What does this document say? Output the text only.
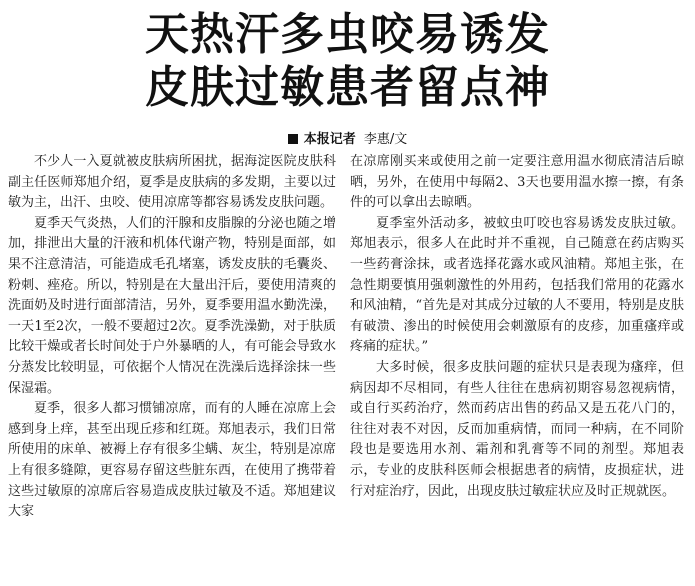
天热汗多虫咬易诱发
皮肤过敏患者留点神
本报记者 李惠/文

不少人一入夏就被皮肤病所困扰，据海淀医院皮肤科副主任医师郑旭介绍，夏季是皮肤病的多发期，主要以过敏为主，出汗、虫咬、使用凉席等都容易诱发皮肤问题。

夏季天气炎热，人们的汗腺和皮脂腺的分泌也随之增加，排泄出大量的汗液和机体代谢产物，特别是面部，如果不注意清洁，可能造成毛孔堵塞，诱发皮肤的毛囊炎、粉刺、痤疮。所以，特别是在大量出汗后，要使用清爽的洗面奶及时进行面部清洁，另外，夏季要用温水勤洗澡，一天1至2次，一般不要超过2次。夏季洗澡勤，对于肤质比较干燥或者长时间处于户外暴晒的人，有可能会导致水分蒸发比较明显，可依据个人情况在洗澡后选择涂抹一些保湿霜。

夏季，很多人都习惯铺凉席，而有的人睡在凉席上会感到身上痒，甚至出现丘疹和红斑。郑旭表示，我们日常所使用的床单、被褥上存有很多尘螨、灰尘，特别是凉席上有很多缝隙，更容易存留这些脏东西，在使用了携带着这些过敏原的凉席后容易造成皮肤过敏及不适。郑旭建议大家

在凉席刚买来或使用之前一定要注意用温水彻底清洁后晾晒，另外，在使用中每隔2、3天也要用温水擦一擦，有条件的可以拿出去晾晒。

夏季室外活动多，被蚊虫叮咬也容易诱发皮肤过敏。郑旭表示，很多人在此时并不重视，自己随意在药店购买一些药膏涂抹，或者选择花露水或风油精。郑旭主张，在急性期要慎用强刺激性的外用药，包括我们常用的花露水和风油精，“首先是对其成分过敏的人不要用，特别是皮肤有破溃、渗出的时候使用会刺激原有的皮疹，加重瘙痒或疼痛的症状。”

大多时候，很多皮肤问题的症状只是表现为瘙痒，但病因却不尽相同，有些人往往在患病初期容易忽视病情，或自行买药治疗，然而药店出售的药品又是五花八门的，往往对表不对因，反而加重病情，而同一种病，在不同阶段也是要选用水剂、霜剂和乳膏等不同的剂型。郑旭表示，专业的皮肤科医师会根据患者的病情，皮损症状，进行对症治疗，因此，出现皮肤过敏症状应及时正规就医。
